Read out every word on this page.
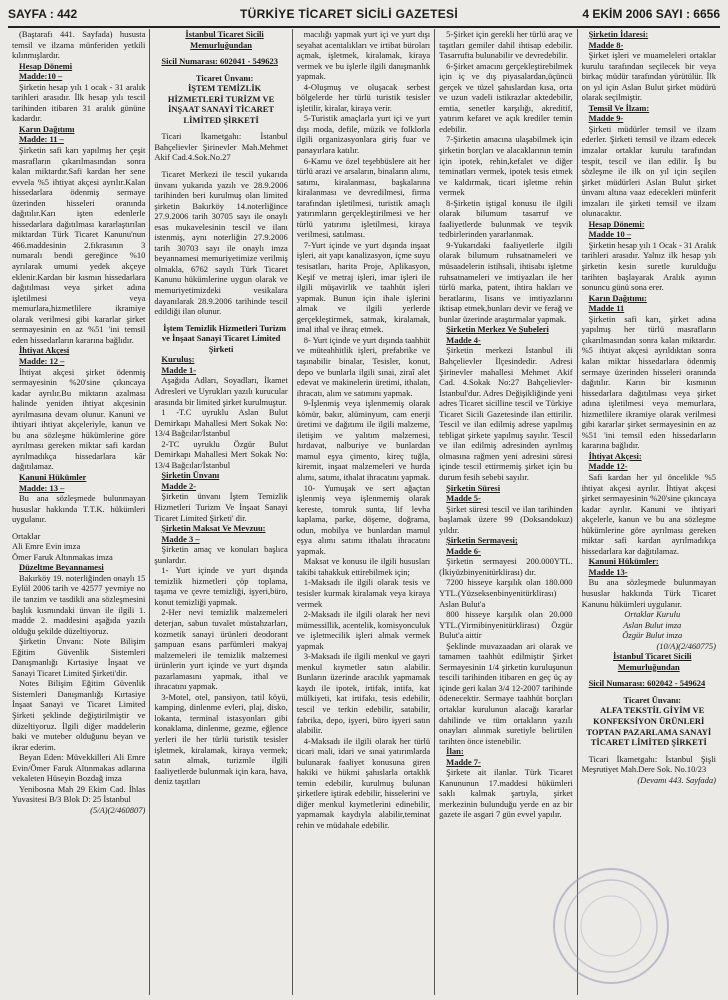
SAYFA : 442	TÜRKİYE TİCARET SİCİLİ GAZETESİ	4 EKİM 2006 SAYI : 6656

(Baştarafı 441. Sayfada) hususta temsil ve ilzama münferiden yetkili kılınmışlardır.

Hesap Dönemi

Madde:10 –

Şirketin hesap yılı 1 ocak - 31 aralık tarihleri arasıdır. İlk hesap yılı tescil tarihinden itibaren 31 aralık gününe kadardır.

Karın Dağıtımı

Madde: 11 –

Şirketin safi karı yapılmış her çeşit masrafların çıkarılmasından sonra kalan miktardır.Safi kardan her sene evvela %5 ihtiyat akçesi ayrılır.Kalan hissedarlara ödenmiş sermaye üzerinden hisseleri oranında dağıtılır.Karı işten edenlerle hissedarlara dağıtılması kararlaştırılan miktardan Türk Ticaret Kanunu'nun 466.maddesinin 2.fıkrasının 3 numaralı bendi gereğince %10 ayrılarak umumi yedek akçeye eklenir.Kardan bir kısmın hissedarlara dağıtılması veya şirket adına işletilmesi veya memurlara,hizmetlilere ikramiye olarak verilmesi gibi kararlar şirket sermayesinin en az %51 'ini temsil eden hissedarların kararına bağlıdır.

İhtiyat Akçesi

Madde: 12 –

İhtiyat akçesi şirket ödenmiş sermayesinin %20'sine çıkıncaya kadar ayrılır.Bu miktarın azalması halinde yeniden ihtiyat akçesinin ayrılmasına devam olunur. Kanuni ve ihtiyari ihtiyat akçeleriyle, kanun ve bu ana sözleşme hükümlerine göre ayrılması gereken miktar safi kardan ayrılmadıkça hissedarlara kâr dağıtılamaz.

Kanuni Hükümler

Madde: 13 –

Bu ana sözleşmede bulunmayan hususlar hakkında T.T.K. hükümleri uygulanır.

Ortaklar

Ali Emre Evin imza

Ömer Faruk Altınmakas imza

Düzeltme Beyannamesi

Bakırköy 19. noterliğinden onaylı 15 Eylül 2006 tarih ve 42577 yevmiye no ile tanzim ve tasdikli ana sözleşmesini başlık kısmındaki ünvan ile ilgili 1. madde 2. maddesini aşağıda yazılı olduğu şekilde düzeltiyoruz.

Şirketin Ünvanı: Note Bilişim Eğitim Güvenlik Sistemleri Danışmanlığı Kırtasiye İnşaat ve Sanayi Ticaret Limited Şirketi'dir.

Notes Bilişim Eğitim Güvenlik Sistemleri Danışmanlığı Kırtasiye İnşaat Sanayi ve Ticaret Limited Şirketi şeklinde değiştirilmiştir ve düzeltiyoruz. İlgili diğer maddelerin baki ve muteber olduğunu beyan ve ikrar ederim.

Beyan Eden: Müvekkilleri Ali Emre Evin/Ömer Faruk Altınmakas adlarına vekaleten Hüseyin Bozdağ imza

Yenibosna Mah 29 Ekim Cad. İhlas Yuvasitesi B/3 Blok D: 25 İstanbul

(5/A)(2/460807)

İstanbul Ticaret Sicili Memurluğundan

Sicil Numarası: 602041 - 549623

Ticaret Ünvanı:

İŞTEM TEMİZLİK HİZMETLERİ TURİZM VE İNŞAAT SANAYİ TİCARET LİMİTED ŞİRKETİ

Ticari İkametgahı: İstanbul Bahçelievler Şirinevler Mah.Mehmet Akif Cad.4.Sok.No.27

Ticaret Merkezi ile tescil yukarıda ünvanı yukarıda yazılı ve 28.9.2006 tarihinden beri kurulmuş olan limited şirketin Bakırköy 14.noterliğince 27.9.2006 tarih 30705 sayı ile onaylı esas mukavelesinin tescil ve ilanı istenmiş, aynı noterliğin 27.9.2006 tarih 30703 sayı ile onaylı imza beyannamesi memuriyetimize verilmiş olmakla, 6762 sayılı Türk Ticaret Kanunu hükümlerine uygun olarak ve memuriyetimizdeki vesikalara dayanılarak 28.9.2006 tarihinde tescil edildiği ilan olunur.

İştem Temizlik Hizmetleri Turizm ve İnşaat Sanayi Ticaret Limited Şirketi

Kuruluş:

Madde 1-

Aşağıda Adları, Soyadları, İkamet Adresleri ve Uyrukları yazılı kurucular arasında bir limited şirket kurulmuştur.

1 -T.C uyruklu Aslan Bulut Demirkapı Mahallesi Mert Sokak No: 13/4 Bağcılar/İstanbul

2-TC uyruklu Özgür Bulut Demirkapı Mahallesi Mert Sokak No: 13/4 Bağcılar/İstanbul

Şirketin Ünvanı

Madde 2-

Şirketin ünvanı İştem Temizlik Hizmetleri Turizm Ve İnşaat Sanayi Ticaret Limited Şirketi' dir.

Şirketin Maksat Ve Mevzuu:

Madde 3 –

Şirketin amaç ve konuları başlıca şunlardır.

1- Yurt içinde ve yurt dışında temizlik hizmetleri çöp toplama, taşıma ve çevre temizliği, işyeri,büro, konut temizliği yapmak.

2-Her nevi temizlik malzemeleri deterjan, sabun tuvalet müstahzarları, kozmetik sanayi ürünleri deodorant şampuan esans parfümleri makyaj malzemeleri ile temizlik malzemesi ürünlerin yurt içinde ve yurt dışında pazarlamasını yapmak, ithal ve ihracatını yapmak.

3-Motel, otel, pansiyon, tatil köyü, kamping, dinlenme evleri, plaj, disko, lokanta, terminal istasyonları gibi konaklama, dinlenme, gezme, eğlence yerleri ile her türlü turistik tesisler işletmek, kiralamak, kiraya vermek; satın almak, turizmle ilgili faaliyetlerde bulunmak için kara, hava, deniz taşıtları

macılığı yapmak yurt içi ve yurt dışı seyahat acentalıkları ve irtibat büroları açmak, işletmek, kiralamak, kiraya vermek ve bu işlerle ilgili danışmanlık yapmak.

4-Oluşmuş ve oluşacak serbest bölgelerde her türlü turistik tesisler işletilir, kiralar, kiraya verir.

5-Turistik amaçlarla yurt içi ve yurt dışı moda, defile, müzik ve folklorla ilgili organizasyonlara giriş fuar ve panayırlara katılır.

6-Kamu ve özel teşebbüslere ait her türlü arazi ve arsaların, binaların alımı, satımı, kiralanması, başkalarına kiralanması ve devredilmesi, firma tarafından işletilmesi, turistik amaçlı yatırımların gerçekleştirilmesi ve her türlü yatırımı işletilmesi, kiraya verilmesi, satılması.

7-Yurt içinde ve yurt dışında inşaat işleri, ait yapı kanalizasyon, içme suyu tesisatları, harita Proje, Aplikasyon, Keşif ve metraj işleri, imar işleri ile ilgili müşavirlik ve taahhüt işleri yapmak. Bunun için ihale işlerini almak ve ilgili yerlerde gerçekleştirmek, satmak, kiralamak, imal ithal ve ihraç etmek.

8- Yurt içinde ve yurt dışında taahhüt ve müteahhitlik işleri, prefabrike ve taşınabilir binalar, Tesisler, konut, depo ve bunlarla ilgili sınai, ziraî alet edevat ve makinelerin üretimi, ithalatı, ihracatı, alım ve satımını yapmak.

9-İşlenmiş veya işlenmemiş olarak kömür, bakır, alüminyum, cam enerji üretimi ve dağıtımı ile ilgili malzeme, iletişim ve yalıtım malzemesi, hırdavat, nalburiye ve bunlardan mamul eşya çimento, kireç tuğla, kiremit, inşaat malzemeleri ve hurda alımı, satımı, ithalat ihracatını yapmak.

10- Yumuşak ve sert ağaçtan işlenmiş veya işlenmemiş olarak kereste, tomruk sunta, lif levha kaplama, parke, döşeme, doğrama, odun, mobilya ve bunlardan mamul eşya alımı satımı ithalatı ihracatını yapmak.

Maksat ve konusu ile ilgili hususları takibi tahakkuk ettirebilmek için;

1-Maksadı ile ilgili olarak tesis ve tesisler kurmak kiralamak veya kiraya vermek

2-Maksadı ile ilgili olarak her nevi mümessillik, acentelik, komisyonculuk ve işletmecilik işleri almak vermek yapmak

3-Maksadı ile ilgili menkul ve gayri menkul kıymetler satın alabilir. Bunların üzerinde aracılık yapmamak kaydı ile ipotek, irtifak, intifa, kat mülkiyeti, kat irtifakı, tesis edebilir, tescil ve terkin edebilir, satabilir, fabrika, depo, işyeri, büro işyeri satın alabilir.

4-Maksadı ile ilgili olarak her türlü ticari mali, idari ve sınai yatırımlarda bulunarak faaliyet konusuna giren hakiki ve hükmi şahıslarla ortaklık temin edebilir, kurulmuş bulunan şirketlere iştirak edebilir, hisselerini ve diğer menkul kıymetlerini edinebilir, yapmamak kaydıyla alabilir,teminat rehin ve müdahale edebilir.

5-Şirket için gerekli her türlü araç ve taşıtları gemiler dahil ihtisap edebilir. Tasarrufta bulunabilir ve devredebilir.

6-Şirket amacını gerçekleştirebilmek için iç ve dış piyasalardan,üçüncü gerçek ve tüzel şahıslardan kısa, orta ve uzun vadeli istikrazlar aktedebilir, emtia, senetler karşılığı, akreditif, yatırım kefaret ve açık krediler temin edebilir.

7-Şirketin amacına ulaşabilmek için şirketin borçları ve alacaklarının temin için ipotek, rehin,kefalet ve diğer teminatları vermek, ipotek tesis etmek ve kaldırmak, ticari işletme rehin vermek

8-Şirketin iştigal konusu ile ilgili olarak bilumum tasarruf ve faaliyetlerde bulunmak ve teşvik tedbirlerinden yararlanmak.

9-Yukarıdaki faaliyetlerle ilgili olarak bilumum ruhsatnameleri ve müsaadelerin istihsali, ihtisabı işletme ruhsatnameleri ve imtiyazları ile her türlü marka, patent, ihtira hakları ve beratlarını, lisans ve imtiyazlarını iktisap etmek,bunları devir ve ferağ ve bunlar üzerinde araştırmalar yapmak.

Şirketin Merkez Ve Şubeleri

Madde 4-

Şirketin merkezi İstanbul ili Bahçelievler İlçesindedir. Adresi Şirinevler mahallesi Mehmet Akif Cad. 4.Sokak No:27 Bahçelievler-İstanbul'dur. Adres Değişikliğinde yeni adres Ticaret sicilline tescil ve Türkiye Ticaret Sicili Gazetesinde ilan ettirilir. Tescil ve ilan edilmiş adrese yapılmış tebligat şirkete yapılmış sayılır. Tescil ve ilan edilmiş adresinden ayrılmış olmasına rağmen yeni adresini süresi içinde tescil ettirmemiş şirket için bu durum fesih sebebi sayılır.

Şirketin Süresi

Madde 5-

Şirket süresi tescil ve ilan tarihinden başlamak üzere 99 (Doksandokuz) yıldır.

Şirketin Sermayesi;

Madde 6-

Şirketin sermayesi 200.000YTL.(İkiyüzbinyenitürklirası) dır.

7200 hisseye karşılık olan 180.000 YTL.(Yüzseksenbinyenitürklirası) Aslan Bulut'a

800 hisseye karşılık olan 20.000 YTL.(Yirmibinyenitürklirası) Özgür Bulut'a aittir

Şeklinde muvazaadan ari olarak ve tamamen taahhüt edilmiştir Şirket Sermayesinin 1/4 şirketin kuruluşunun tescili tarihinden itibaren en geç üç ay içinde geri kalan 3/4 12-2007 tarihinde ödenecektir. Sermaye taahhüt borçları ortaklar kurulunun alacağı kararlar dahilinde ve tüm ortakların yazılı onayları alınmak suretiyle belirtilen tarihten önce istenebilir.

İlan:

Madde 7-

Şirkete ait ilanlar. Türk Ticaret Kanununun 17.maddesi hükümleri saklı kalmak şartıyla, şirket merkezinin bulunduğu yerde en az bir gazete ile asgari 7 gün evvel yapılır.

Şirketin İdaresi:

Madde 8-

Şirket işleri ve muameleleri ortaklar kurulu tarafından seçilecek bir veya birkaç müdür tarafından yürütülür. İlk on yıl için Aslan Bulut şirket müdürü olarak seçilmiştir.

Temsil Ve İlzam:

Madde 9-

Şirketi müdürler temsil ve ilzam ederler. Şirketi temsil ve ilzam edecek imzalar ortaklar kurulu tarafından tespit, tescil ve ilan edilir. İş bu sözleşme ile ilk on yıl için seçilen şirket müdürleri Aslan Bulut şirket ünvanı altına vaaz edecekleri münferit imzaları ile şirketi temsil ve ilzam olunacaktır.

Hesap Dönemi:

Madde 10 –

Şirketin hesap yılı 1 Ocak - 31 Aralık tarihleri arasıdır. Yalnız ilk hesap yılı şirketin kesin suretle kurulduğu tarihten başlayarak Aralık ayının sonuncu günü sona erer.

Karın Dağıtımı:

Madde 11

Şirketin safi karı, şirket adına yapılmış her türlü masrafların çıkarılmasından sonra kalan miktardır. %5 ihtiyat akçesi ayrıldıktan sonra kalan miktar hissedarlara ödenmiş sermaye üzerinden hisseleri oranında dağıtılır. Karın bir kısmının hissedarlara dağıtılması veya şirket adına işletilmesi veya memurlara, hizmetlilere ikramiye olarak verilmesi gibi kararlar şirket sermayesinin en az %51 'ini temsil eden hissedarların kararına bağlıdır.

İhtiyat Akçesi:

Madde 12-

Safi kardan her yıl öncelikle %5 ihtiyat akçesi ayrılır. İhtiyat akçesi şirket sermayesinin %20'sine çıkıncaya kadar ayrılır. Kanuni ve ihtiyari akçelerle, kanun ve bu ana sözleşme hükümlerine göre ayrılması gereken miktar safi kardan ayrılmadıkça hissedarlara kar dağıtılamaz.

Kanuni Hükümler:

Madde 13-

Bu ana sözleşmede bulunmayan hususlar hakkında Türk Ticaret Kanunu hükümleri uygulanır.

Ortaklar Kurulu

Aslan Bulut imza

Özgür Bulut imza

(10/A)(2/460775)

İstanbul Ticaret Sicili Memurluğundan

Sicil Numarası: 602042 - 549624

Ticaret Ünvanı:

ALFA TEKSTİL GİYİM VE KONFEKSİYON ÜRÜNLERİ TOPTAN PAZARLAMA SANAYİ TİCARET LİMİTED ŞİRKETİ

Ticari İkametgahı: İstanbul Şişli Meşrutiyet Mah.Dere Sok. No.10/23

(Devamı 443. Sayfada)
